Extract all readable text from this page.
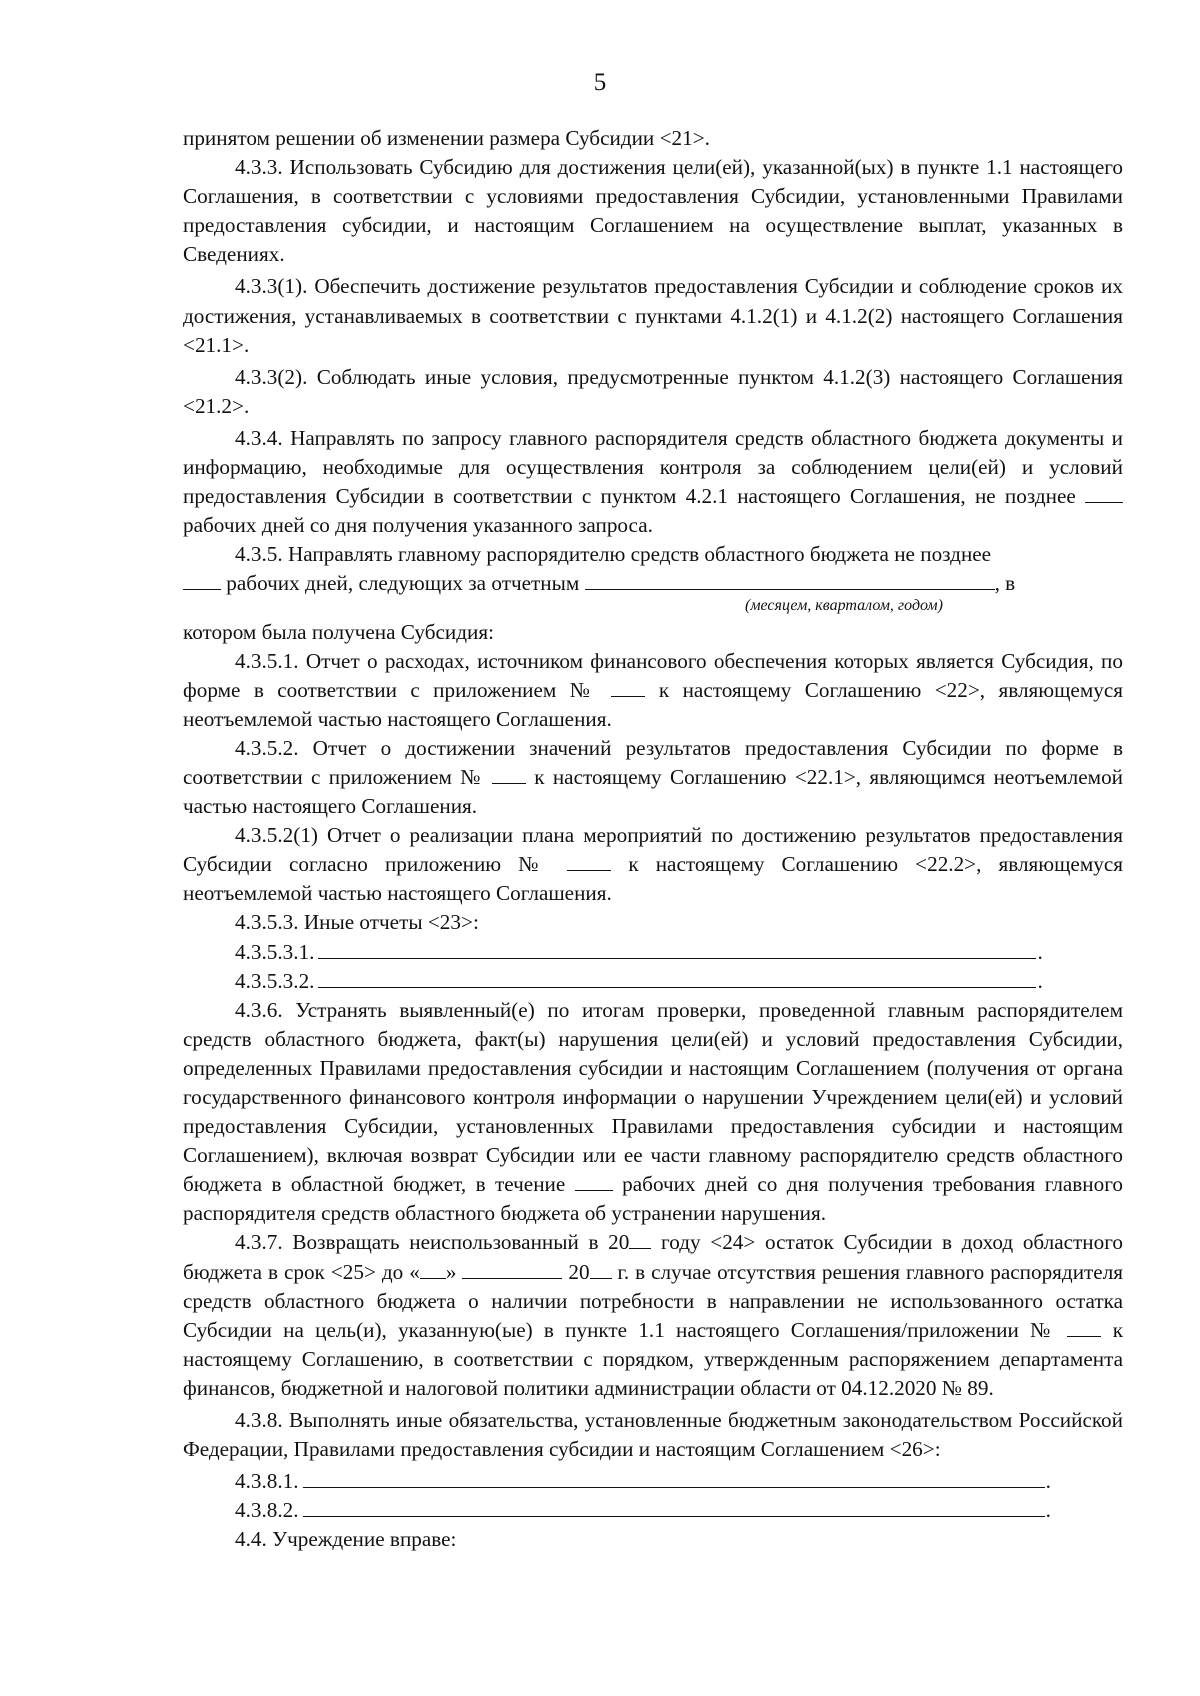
5

принятом решении об изменении размера Субсидии <21>.

4.3.3. Использовать Субсидию для достижения цели(ей), указанной(ых) в пункте 1.1 настоящего Соглашения, в соответствии с условиями предоставления Субсидии, установленными Правилами предоставления субсидии, и настоящим Соглашением на осуществление выплат, указанных в Сведениях.

4.3.3(1). Обеспечить достижение результатов предоставления Субсидии и соблюдение сроков их достижения, устанавливаемых в соответствии с пунктами 4.1.2(1) и 4.1.2(2) настоящего Соглашения <21.1>.

4.3.3(2). Соблюдать иные условия, предусмотренные пунктом 4.1.2(3) настоящего Соглашения <21.2>.

4.3.4. Направлять по запросу главного распорядителя средств областного бюджета документы и информацию, необходимые для осуществления контроля за соблюдением цели(ей) и условий предоставления Субсидии в соответствии с пунктом 4.2.1 настоящего Соглашения, не позднее  рабочих дней со дня получения указанного запроса.

4.3.5. Направлять главному распорядителю средств областного бюджета не позднее

рабочих дней, следующих за отчетным	, в

(месяцем, кварталом, годом)

котором была получена Субсидия:

4.3.5.1. Отчет о расходах, источником финансового обеспечения которых является Субсидия, по форме в соответствии с приложением №  к настоящему Соглашению <22>, являющемуся неотъемлемой частью настоящего Соглашения.

4.3.5.2. Отчет о достижении значений результатов предоставления Субсидии по форме в соответствии с приложением №  к настоящему Соглашению <22.1>, являющимся неотъемлемой частью настоящего Соглашения.

4.3.5.2(1) Отчет о реализации плана мероприятий по достижению результатов предоставления Субсидии согласно приложению №  к настоящему Соглашению <22.2>, являющемуся неотъемлемой частью настоящего Соглашения.

4.3.5.3. Иные отчеты <23>:

4.3.5.3.1.	.
4.3.5.3.2.	.

4.3.6. Устранять выявленный(е) по итогам проверки, проведенной главным распорядителем средств областного бюджета, факт(ы) нарушения цели(ей) и условий предоставления Субсидии, определенных Правилами предоставления субсидии и настоящим Соглашением (получения от органа государственного финансового контроля информации о нарушении Учреждением цели(ей) и условий предоставления Субсидии, установленных Правилами предоставления субсидии и настоящим Соглашением), включая возврат Субсидии или ее части главному распорядителю средств областного бюджета в областной бюджет, в течение  рабочих дней со дня получения требования главного распорядителя средств областного бюджета об устранении нарушения.

4.3.7. Возвращать неиспользованный в 20 году <24> остаток Субсидии в доход областного бюджета в срок <25> до « »	20 г. в случае отсутствия решения главного распорядителя средств областного бюджета о наличии потребности в направлении не использованного остатка Субсидии на цель(и), указанную(ые) в пункте 1.1 настоящего Соглашения/приложении №  к настоящему Соглашению, в соответствии с порядком, утвержденным распоряжением департамента финансов, бюджетной и налоговой политики администрации области от 04.12.2020 № 89.

4.3.8. Выполнять иные обязательства, установленные бюджетным законодательством Российской Федерации, Правилами предоставления субсидии и настоящим Соглашением <26>:

4.3.8.1.	.
4.3.8.2.	.

4.4. Учреждение вправе:
